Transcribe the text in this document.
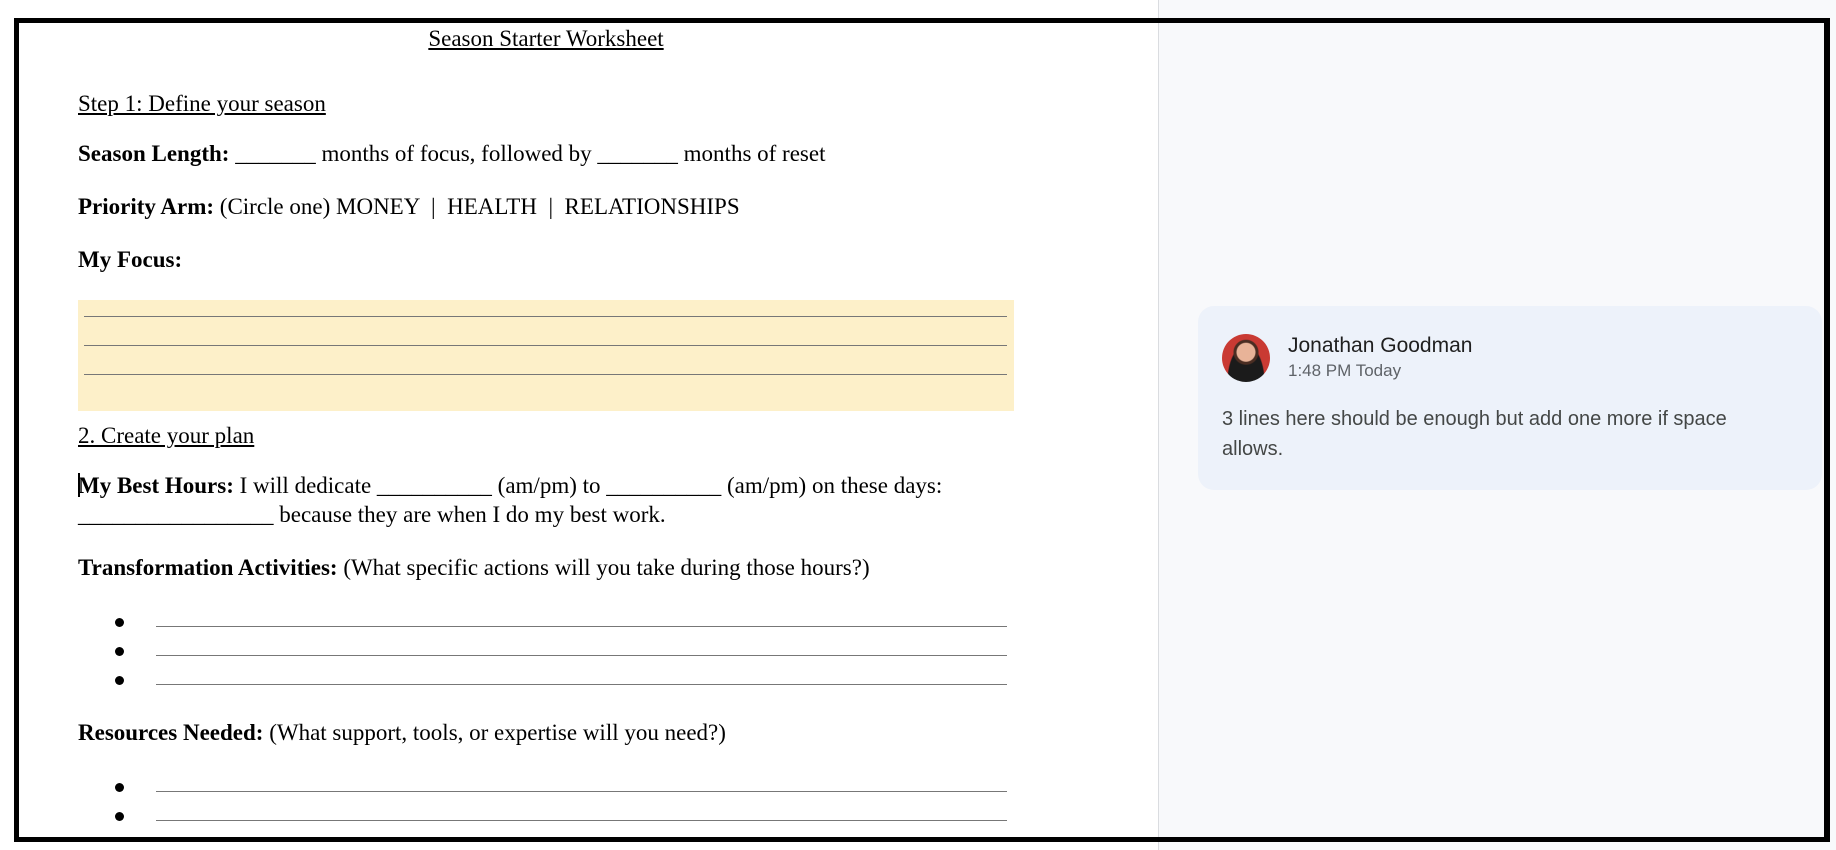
Season Starter Worksheet
Step 1: Define your season
Season Length: _______ months of focus, followed by _______ months of reset
Priority Arm: (Circle one) MONEY  |  HEALTH  |  RELATIONSHIPS
My Focus:
2. Create your plan
My Best Hours: I will dedicate __________ (am/pm) to __________ (am/pm) on these days:
_________________ because they are when I do my best work.
Transformation Activities: (What specific actions will you take during those hours?)
Resources Needed: (What support, tools, or expertise will you need?)
Jonathan Goodman
1:48 PM Today
3 lines here should be enough but add one more if space allows.
